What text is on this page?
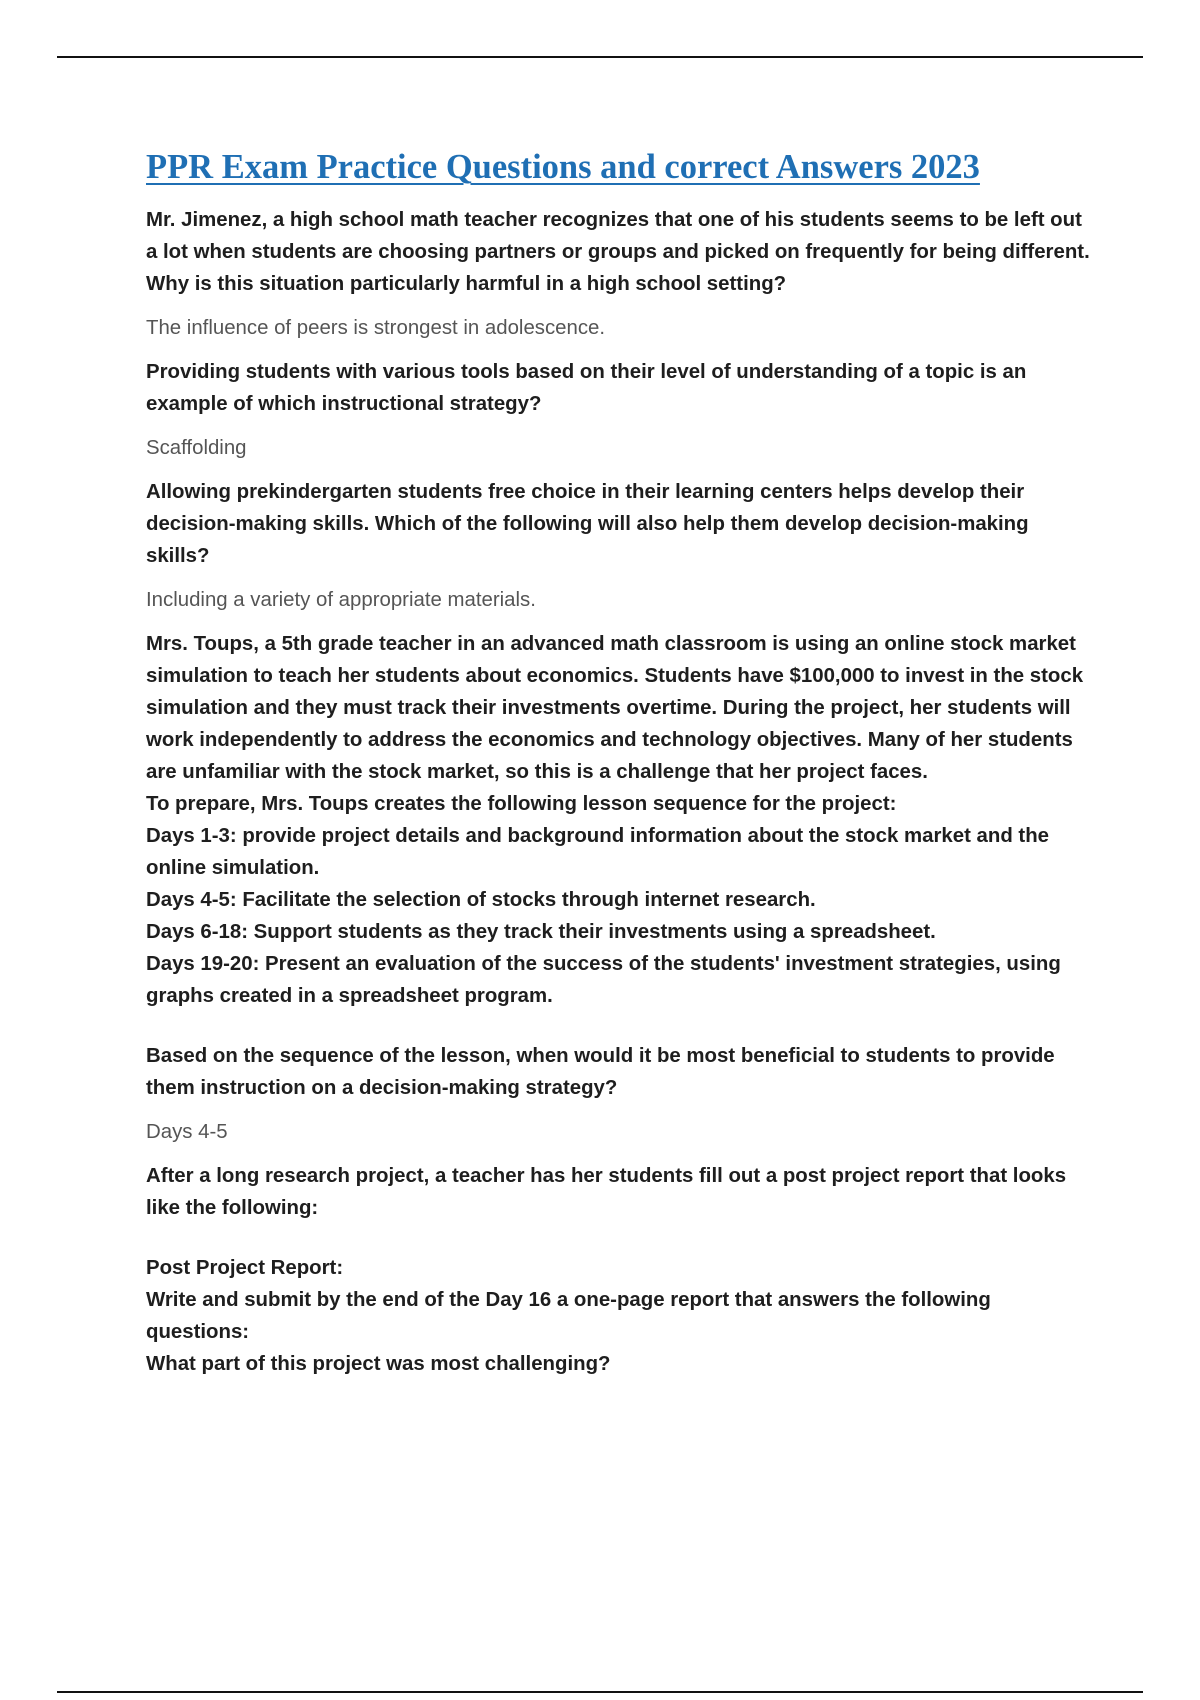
PPR Exam Practice Questions and correct Answers 2023

Mr. Jimenez, a high school math teacher recognizes that one of his students seems to be left out a lot when students are choosing partners or groups and picked on frequently for being different. Why is this situation particularly harmful in a high school setting?

The influence of peers is strongest in adolescence.

Providing students with various tools based on their level of understanding of a topic is an example of which instructional strategy?

Scaffolding

Allowing prekindergarten students free choice in their learning centers helps develop their decision-making skills. Which of the following will also help them develop decision-making skills?

Including a variety of appropriate materials.

Mrs. Toups, a 5th grade teacher in an advanced math classroom is using an online stock market simulation to teach her students about economics. Students have $100,000 to invest in the stock simulation and they must track their investments overtime. During the project, her students will work independently to address the economics and technology objectives. Many of her students are unfamiliar with the stock market, so this is a challenge that her project faces.

To prepare, Mrs. Toups creates the following lesson sequence for the project:

Days 1-3: provide project details and background information about the stock market and the online simulation.

Days 4-5: Facilitate the selection of stocks through internet research.

Days 6-18: Support students as they track their investments using a spreadsheet.

Days 19-20: Present an evaluation of the success of the students' investment strategies, using graphs created in a spreadsheet program.

Based on the sequence of the lesson, when would it be most beneficial to students to provide them instruction on a decision-making strategy?

Days 4-5

After a long research project, a teacher has her students fill out a post project report that looks like the following:

Post Project Report:

Write and submit by the end of the Day 16 a one-page report that answers the following questions:

What part of this project was most challenging?
